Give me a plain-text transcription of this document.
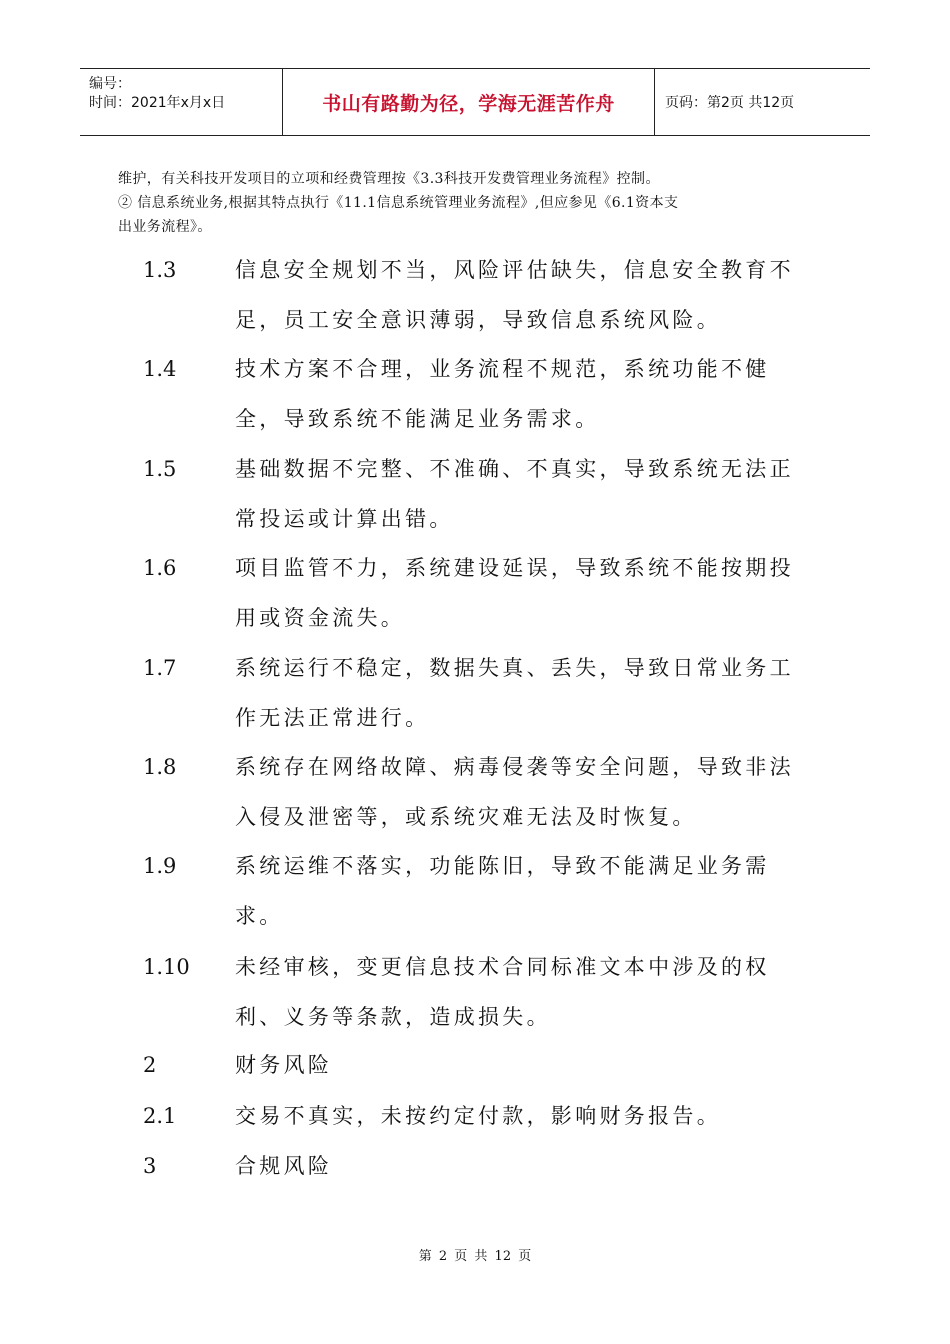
编号：
时间：2021年x月x日	书山有路勤为径，学海无涯苦作舟	页码：第2页 共12页
维护，有关科技开发项目的立项和经费管理按《3.3科技开发费管理业务流程》控制。
② 信息系统业务,根据其特点执行《11.1信息系统管理业务流程》,但应参见《6.1资本支
出业务流程》。
1.3	信息安全规划不当，风险评估缺失，信息安全教育不足，员工安全意识薄弱，导致信息系统风险。
1.4	技术方案不合理，业务流程不规范，系统功能不健全，导致系统不能满足业务需求。
1.5	基础数据不完整、不准确、不真实，导致系统无法正常投运或计算出错。
1.6	项目监管不力，系统建设延误，导致系统不能按期投用或资金流失。
1.7	系统运行不稳定，数据失真、丢失，导致日常业务工作无法正常进行。
1.8	系统存在网络故障、病毒侵袭等安全问题，导致非法入侵及泄密等，或系统灾难无法及时恢复。
1.9	系统运维不落实，功能陈旧，导致不能满足业务需求。
1.10 未经审核，变更信息技术合同标准文本中涉及的权利、义务等条款，造成损失。
2	财务风险
2.1	交易不真实，未按约定付款，影响财务报告。
3	合规风险
第 2 页 共 12 页
